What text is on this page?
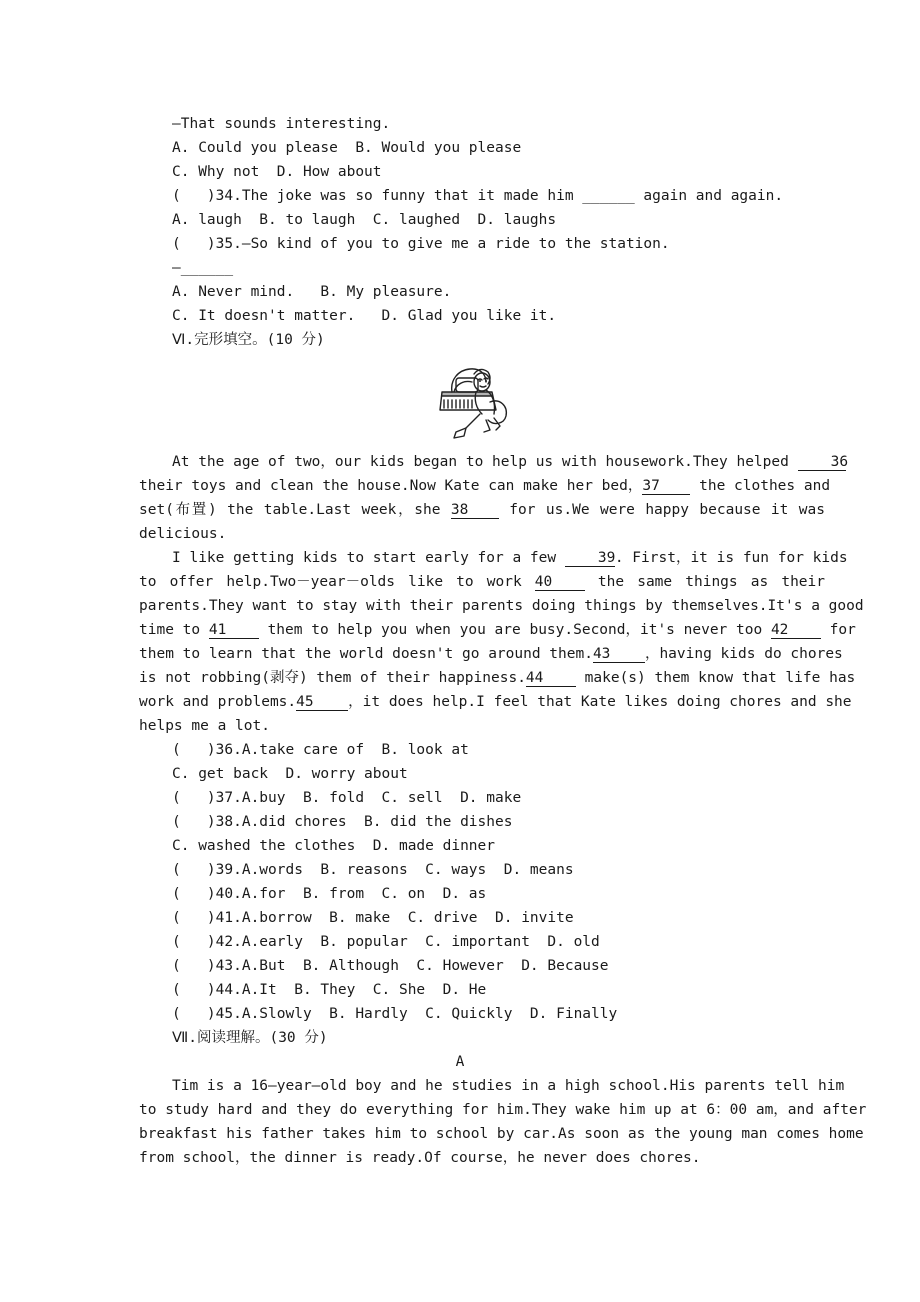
—That sounds interesting.
A. Could you please  B. Would you please
C. Why not  D. How about
(   )34.The joke was so funny that it made him ______ again and again.
A. laugh  B. to laugh  C. laughed  D. laughs
(   )35.—So kind of you to give me a ride to the station.
—______
A. Never mind.   B. My pleasure.
C. It doesn't matter.   D. Glad you like it.
Ⅵ.完形填空。(10 分)
At the age of two，our kids began to help us with housework.They helped 36
their toys and clean the house.Now Kate can make her bed，37 the clothes and
set(布置) the table.Last week，she 38 for us.We were happy because it was
delicious.
I like getting kids to start early for a few 39. First，it is fun for kids
to offer help.Two－year－olds like to work 40 the same things as their
parents.They want to stay with their parents doing things by themselves.It's a good
time to 41 them to help you when you are busy.Second，it's never too 42 for
them to learn that the world doesn't go around them.43 ，having kids do chores
is not robbing(剥夺) them of their happiness.44 make(s) them know that life has
work and problems.45 ，it does help.I feel that Kate likes doing chores and she
helps me a lot.
(   )36.A.take care of  B. look at
C. get back  D. worry about
(   )37.A.buy  B. fold  C. sell  D. make
(   )38.A.did chores  B. did the dishes
C. washed the clothes  D. made dinner
(   )39.A.words  B. reasons  C. ways  D. means
(   )40.A.for  B. from  C. on  D. as
(   )41.A.borrow  B. make  C. drive  D. invite
(   )42.A.early  B. popular  C. important  D. old
(   )43.A.But  B. Although  C. However  D. Because
(   )44.A.It  B. They  C. She  D. He
(   )45.A.Slowly  B. Hardly  C. Quickly  D. Finally
Ⅶ.阅读理解。(30 分)
A
Tim is a 16—year—old boy and he studies in a high school.His parents tell him
to study hard and they do everything for him.They wake him up at 6：00 am，and after
breakfast his father takes him to school by car.As soon as the young man comes home
from school，the dinner is ready.Of course，he never does chores.
